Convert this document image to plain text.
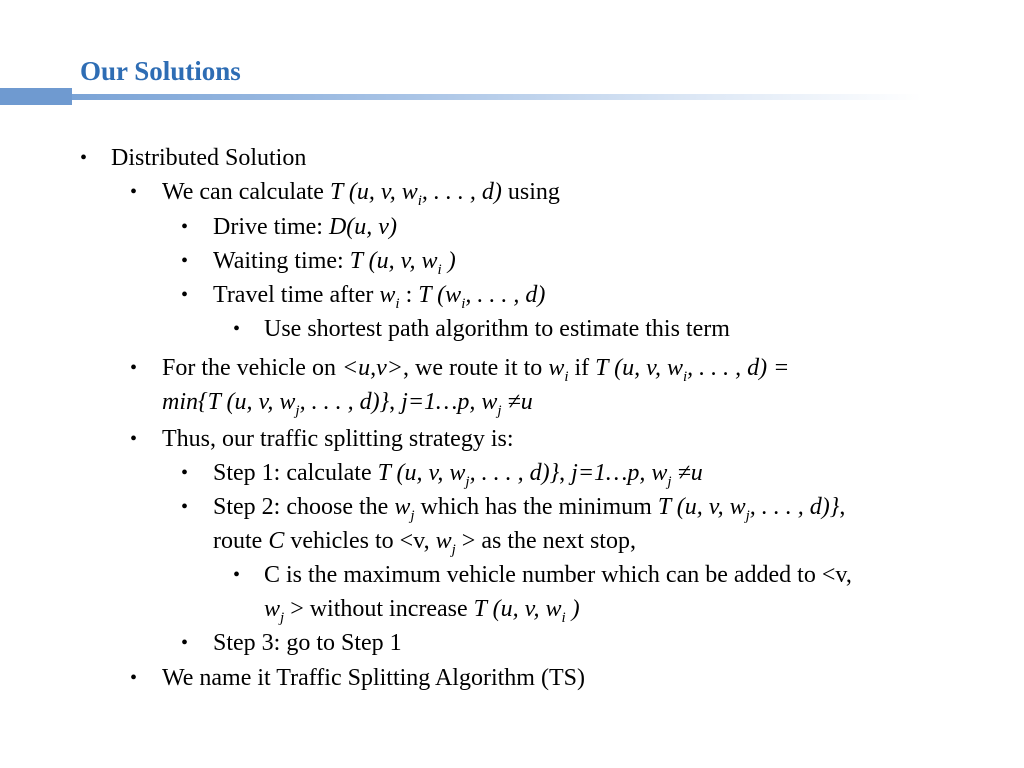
Our Solutions
• Distributed Solution
• We can calculate T (u, v, $w_i$, . . . , d) using
• Drive time: D(u, v)
• Waiting time: T (u, v, $w_i$ )
• Travel time after $w_i$ : T ($w_i$, . . . , d)
• Use shortest path algorithm to estimate this term
• For the vehicle on <u,v>, we route it to $w_i$ if T (u, v, $w_i$, . . . , d) =
min{T (u, v, $w_j$, . . . , d)}, j=1…p, $w_j \ne u$
• Thus, our traffic splitting strategy is:
• Step 1: calculate T (u, v, $w_j$, . . . , d)}, j=1…p, $w_j \ne u$
• Step 2: choose the $w_j$ which has the minimum T (u, v, $w_j$, . . . , d)},
route C vehicles to <v, $w_j$ > as the next stop,
• C is the maximum vehicle number which can be added to <v,
$w_j$ > without increase T (u, v, $w_i$ )
• Step 3: go to Step 1
• We name it Traffic Splitting Algorithm (TS)
